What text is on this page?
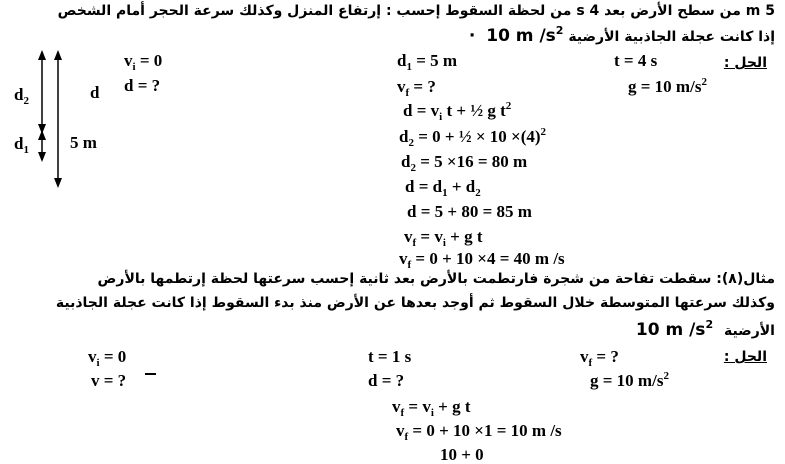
5 m من سطح الأرض بعد 4 s من لحظة السقوط إحسب : إرتفاع المنزل وكذلك سرعة الحجر أمام الشخص
· 10 m $/s^2$ إذا كانت عجلة الجاذبية الأرضية
الحل :
$d_2$	d
$d_1$ 5 m
$v_i = 0$
d = ?
$d_1 = 5$ m
$v_f$ = ?
t = 4 s
g = 10 $m/s^2$
$d = v_i$ t + ½ g $t^2$
$d_2 = 0$ + ½ × $10 \times(4)^2$
$d_2 = 5 \times 16 = 80$ m
$d = d_1 + d_2$
d = 5 + 80 = 85 m
$v_f = v_i + g$ t
$v_f = 0 + 10 \times 4 = 40$ m /s
مثال(٨): سقطت تفاحة من شجرة فارتطمت بالأرض بعد ثانية إحسب سرعتها لحظة إرتطمها بالأرض
وكذلك سرعتها المتوسطة خلال السقوط ثم أوجد بعدها عن الأرض منذ بدء السقوط إذا كانت عجلة الجاذبية
10 m $/s^2$ الأرضية
الحل :
$v_i = 0$
v = ?
t = 1 s
d = ?
$v_f$ = ?
g = 10 $m/s^2$
$v_f = v_i + g$ t
$v_f = 0 + 10 \times 1 = 10$ m /s
10 + 0
